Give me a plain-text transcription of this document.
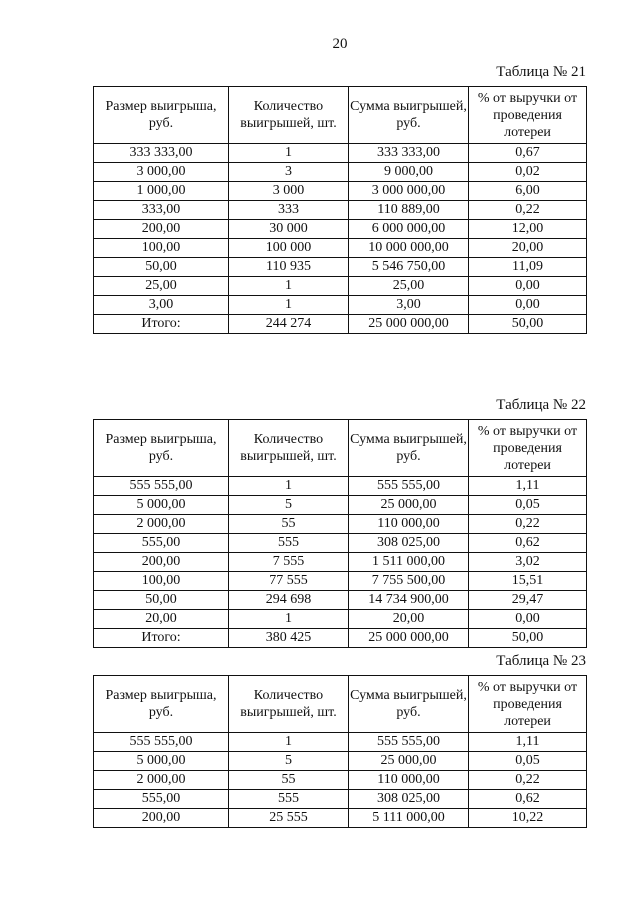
20
Таблица № 21
Размер выигрыша, руб.	Количество выигрышей, шт.	Сумма выигрышей, руб.	% от выручки от проведения лотереи
333 333,00	1	333 333,00	0,67
3 000,00	3	9 000,00	0,02
1 000,00	3 000	3 000 000,00	6,00
333,00	333	110 889,00	0,22
200,00	30 000	6 000 000,00	12,00
100,00	100 000	10 000 000,00	20,00
50,00	110 935	5 546 750,00	11,09
25,00	1	25,00	0,00
3,00	1	3,00	0,00
Итого:	244 274	25 000 000,00	50,00
Таблица № 22
Размер выигрыша, руб.	Количество выигрышей, шт.	Сумма выигрышей, руб.	% от выручки от проведения лотереи
555 555,00	1	555 555,00	1,11
5 000,00	5	25 000,00	0,05
2 000,00	55	110 000,00	0,22
555,00	555	308 025,00	0,62
200,00	7 555	1 511 000,00	3,02
100,00	77 555	7 755 500,00	15,51
50,00	294 698	14 734 900,00	29,47
20,00	1	20,00	0,00
Итого:	380 425	25 000 000,00	50,00
Таблица № 23
Размер выигрыша, руб.	Количество выигрышей, шт.	Сумма выигрышей, руб.	% от выручки от проведения лотереи
555 555,00	1	555 555,00	1,11
5 000,00	5	25 000,00	0,05
2 000,00	55	110 000,00	0,22
555,00	555	308 025,00	0,62
200,00	25 555	5 111 000,00	10,22
